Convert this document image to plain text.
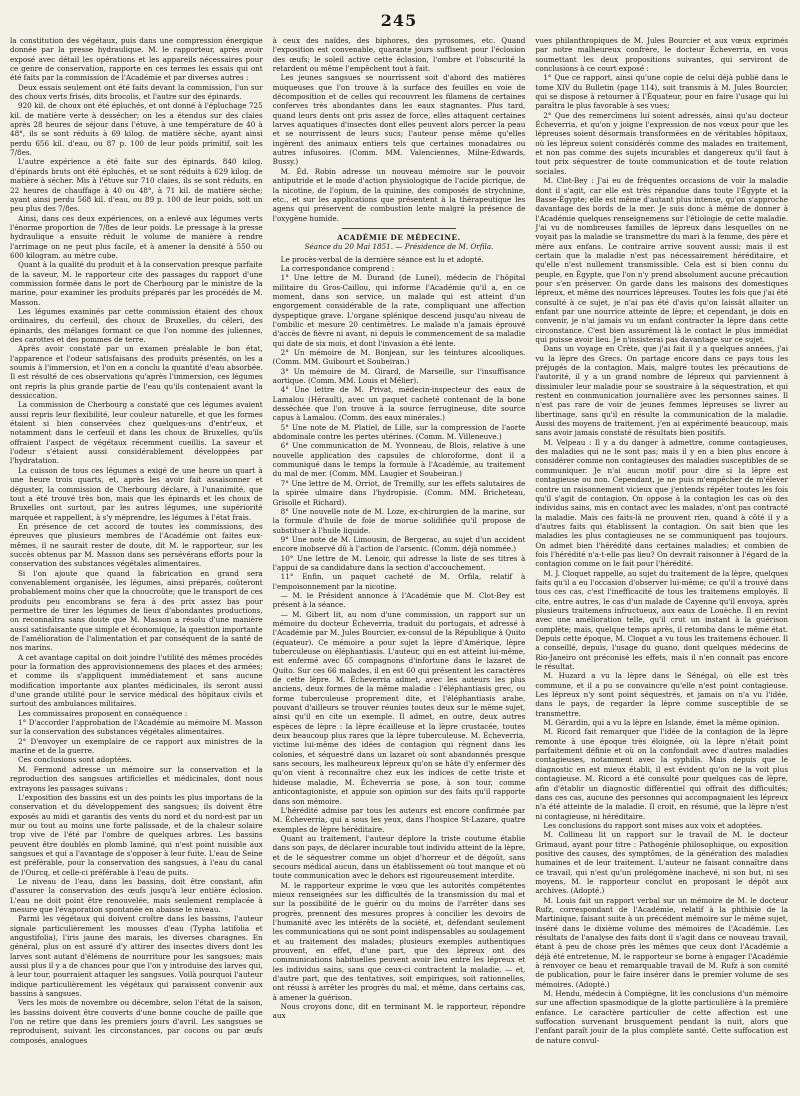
245

la constitution des végétaux, puis dans une compression énergique donnée par la presse hydraulique. M. le rapporteur, après avoir exposé avec détail les opérations et les appareils nécessaires pour ce genre de conservation, rapporte en ces termes les essais qui ont été faits par la commission de l'Académie et par diverses autres :

Deux essais seulement ont été faits devant la commission, l'un sur des choux verts frisés, dits brocolis, et l'autre sur des épinards.

920 kil. de choux ont été épluchés, et ont donné à l'épluchage 725 kil. de matière verte à dessécher; on les a étendus sur des claies après 28 heures de séjour dans l'étuve, à une température de 40 à 48°, ils se sont réduits à 69 kilog. de matière sèche, ayant ainsi perdu 656 kil. d'eau, ou 87 p. 100 de leur poids primitif, soit les 7/8es.

L'autre expérience a été faite sur des épinards. 840 kilog. d'épinards bruts ont été épluchés, et se sont réduits à 629 kilog. de matière à sécher. Mis à l'étuve sur 710 claies, ils se sont réduits, en 22 heures de chauffage à 40 ou 48°, à 71 kil. de matière sèche; ayant ainsi perdu 568 kil. d'eau, ou 89 p. 100 de leur poids, soit un peu plus des 7/8es.

Ainsi, dans ces deux expériences, on a enlevé aux légumes verts l'énorme proportion de 7/8es de leur poids. Le pressage à la presse hydraulique a ensuite réduit le volume de manière à rendre l'arrimage on ne peut plus facile, et à amener la densité à 550 ou 600 kilogram. au mètre cube.

Quant à la qualité du produit et à la conservation presque parfaite de la saveur, M. le rapporteur cite des passages du rapport d'une commission formée dans le port de Cherbourg par le ministre de la marine, pour examiner les produits préparés par les procédés de M. Masson.

Les légumes examinés par cette commission étaient des choux ordinaires, du cerfeuil, des choux de Bruxelles, du céleri, des épinards, des mélanges formant ce que l'on nomme des juliennes, des carottes et des pommes de terre.

Après avoir constaté par un examen préalable le bon état, l'apparence et l'odeur satisfaisans des produits présentés, on les a soumis à l'immersion, et l'on en a conclu la quantité d'eau absorbée. Il est résulté de ces observations qu'après l'immersion, ces légumes ont repris la plus grande partie de l'eau qu'ils contenaient avant la dessiccation.

La commission de Cherbourg a constaté que ces légumes avaient aussi repris leur flexibilité, leur couleur naturelle, et que les formes étaient si bien conservées chez quelques-uns d'entr'eux, et notamment dans le cerfeuil et dans les choux de Bruxelles, qu'ils offraient l'aspect de végétaux récemment cueillis. La saveur et l'odeur s'étaient aussi considérablement développées par l'hydratation.

La cuisson de tous ces légumes a exigé de une heure un quart à une heure trois quarts, et, après les avoir fait assaisonner et déguster, la commission de Cherbourg déclare, à l'unanimité, que tout a été trouvé très bon, mais que les épinards et les choux de Bruxelles ont surtout, par les autres légumes, une supériorité marquée et rappellent, à s'y méprendre, les légumes à l'état frais.

En présence de cet accord de toutes les commissions, des épreuves que plusieurs membres de l'Académie ont faites eux-mêmes, il ne saurait rester de doute, dit M. le rapporteur, sur les succès obtenus par M. Masson dans ses persévérans efforts pour la conservation des substances végétales alimentaires.

Si l'on ajoute que quand la fabrication en grand sera convenablement organisée, les légumes, ainsi préparés, coûteront probablement moins cher que la choucroûte; que le transport de ces produits peu encombrans se fera à des prix assez bas pour permettre de tirer les légumes de lieux d'abondantes productions, on reconnaîtra sans doute que M. Masson a résolu d'une manière aussi satisfaisante que simple et économique, la question importante de l'amélioration de l'alimentation et par conséquent de la santé de nos marins.

A cet avantage capital on doit joindre l'utilité des mêmes procédés pour la formation des approvisionnemens des places et des armées; et comme ils s'appliquent immédiatement et sans aucune modification importante aux plantes médicinales, ils seront aussi d'une grande utilité pour le service médical des hôpitaux civils et surtout des ambulances militaires.

Les commissaires proposent en conséquence :

1° D'accorder l'approbation de l'Académie au mémoire M. Masson sur la conservation des substances végétales alimentaires.

2° D'envoyer un exemplaire de ce rapport aux ministres de la marine et de la guerre.

Ces conclusions sont adoptées.

M. Fermond adresse un mémoire sur la conservation et la reproduction des sangsues artificielles et médicinales, dont nous extrayons les passages suivans :

L'exposition des bassins est un des points les plus importans de la conservation et du développement des sangsues; ils doivent être exposés au midi et garantis des vents du nord et du nord-est par un mur ou tout au moins une forte palissade, et de la chaleur solaire trop vive de l'été par l'ombre de quelques arbres. Les bassins peuvent être doublés en plomb laminé, qui n'est point nuisible aux sangsues et qui a l'avantage de s'opposer à leur fuite. L'eau de Seine est préférable, pour la conservation des sangsues, à l'eau du canal de l'Ourcq, et celle-ci préférable à l'eau de puits.

Le niveau de l'eau, dans les bassins, doit être constant, afin d'assurer la conservation des œufs jusqu'à leur entière éclosion. L'eau ne doit point être renouvelée, mais seulement remplacée à mesure que l'évaporation spontanée en abaisse le niveau.

Parmi les végétaux qui doivent croître dans les bassins, l'auteur signale particulièrement les mousses d'eau (Typha latifolia et angustifolia), l'iris jaune des marais, les diverses charagnes. En général, plus on est assuré d'y attirer des insectes divers dont les larves sont autant d'élémens de nourriture pour les sangsues; mais aussi plus il y a de chances pour que l'on y introduise des larves qui, à leur tour, pourraient attaquer les sangsues. Voilà pourquoi l'auteur indique particulièrement les végétaux qui paraissent convenir aux bassins à sangsues.

Vers les mois de novembre ou décembre, selon l'état de la saison, les bassins doivent être couverts d'une bonne couche de paille que l'on ne retire que dans les premiers jours d'avril. Les sangsues se reproduisent, suivant les circonstances, par cocons ou par œufs composés, analogues

à ceux des naïdes, des biphores, des pyrosomes, etc. Quand l'exposition est convenable, quarante jours suffisent pour l'éclosion des œufs; le soleil active cette éclosion, l'ombre et l'obscurité la retardent ou même l'empêchent tout à fait.

Les jeunes sangsues se nourrissent soit d'abord des matières muqueuses que l'on trouve à la surface des feuilles en voie de décomposition et de celles qui recouvrent les filamens de certaines conferves très abondantes dans les eaux stagnantes. Plus tard, quand leurs dents ont pris assez de force, elles attaquent certaines larves aquatiques d'insectes dont elles peuvent alors percer la peau et se nourrissent de leurs sucs; l'auteur pense même qu'elles ingèrent des animaux entiers tels que certaines monadaires ou autres infusoires. (Comm. MM. Valenciennes, Milne-Edwards, Bussy.)

M. Éd. Robin adresse un nouveau mémoire sur le pouvoir antiputride et le mode d'action physiologique de l'acide picrique, de la nicotine, de l'opium, de la quinine, des composés de strychnine, etc., et sur les applications que présentent à la thérapeutique les agens qui préservent de combustion lente malgré la présence de l'oxygène humide.

ACADÉMIE DE MÉDECINE.

Séance du 20 Mai 1851. — Présidence de M. Orfila.

Le procès-verbal de la dernière séance est lu et adopté.

La correspondance comprend :

1° Une lettre de M. Durand (de Lunel), médecin de l'hôpital militaire du Gros-Caillou, qui informe l'Académie qu'il a, en ce moment, dans son service, un malade qui est atteint d'un engorgement considérable de la rate, compliquant une affection dyspeptique grave. L'organe splénique descend jusqu'au niveau de l'ombilic et mesure 20 centimètres. Le malade n'a jamais éprouvé d'accès de fièvre ni avant, ni depuis le commencement de sa maladie qui date de six mois, et dont l'invasion a été lente.

2° Un mémoire de M. Bonjean, sur les teintures alcooliques. (Comm. MM. Guibourt et Soubeiran.)

3° Un mémoire de M. Girard, de Marseille, sur l'insuffisance aortique. (Comm. MM. Louis et Mélier).

4° Une lettre de M. Privat, médecin-inspecteur des eaux de Lamalou (Hérault), avec un paquet cacheté contenant de la bone desséchée que l'on trouve à la source ferrugineuse, dite source capus à Lamalou. (Comm. des eaux minérales.)

5° Une note de M. Platiel, de Lille, sur la compression de l'aorte abdominale contre les pertes utérines. (Comm. M. Villeneuve.)

6° Une communication de M. Yvonneau, de Blois, relative à une nouvelle application des capsules de chloroforme, dont il a communiqué dans le temps la formule à l'Académie, au traitement du mal de mer. (Comm. MM. Laugier et Soubeiran.)

7° Une lettre de M. Orriot, de Tremilly, sur les effets salutaires de la spirée ulmaire dans l'hydropisie. (Comm. MM. Bricheteau, Grisolle et Richard).

8° Une nouvelle note de M. Loze, ex-chirurgien de la marine, sur la formule d'huile de foie de morue solidifiée qu'il propose de substituer à l'huile liquide.

9° Une note de M. Limousin, de Bergerac, au sujet d'un accident encore inobservé dû à l'action de l'arsenic. (Comm. déjà nommée.)

10° Une lettre de M. Lenoir, qui adresse la liste de ses titres à l'appui de sa candidature dans la section d'accouchement.

11° Enfin, un paquet cacheté de M. Orfila, relatif à l'empoisonnement par la nicotine.

— M. le Président annonce à l'Académie que M. Clot-Bey est présent à la séance.

— M. Gibert lit, au nom d'une commission, un rapport sur un mémoire du docteur Écheverria, traduit du portugais, et adressé à l'Académie par M. Jules Bourcier, ex-consul de la République à Quito (équateur). Ce mémoire a pour sujet la lèpre d'Amérique, lèpre tuberculeuse ou éléphantiasis. L'auteur, qui en est atteint lui-même, est enfermé avec 65 compagnons d'infortune dans le lazaret de Quito. Sur ces 66 malades, il en est 60 qui présentent les caractères de cette lèpre. M. Écheverria admet, avec les auteurs les plus anciens, deux formes de la même maladie : l'éléphantiasis grec, ou forme tuberculeuse proprement dite, et l'éléphantiasis arabe, pouvant d'ailleurs se trouver réunies toutes deux sur le même sujet, ainsi qu'il en cite un exemple. Il admet, en outre, deux autres espèces de lèpre : la lèpre écailleuse et la lèpre crustacée, toutes deux beaucoup plus rares que la lèpre tuberculeuse. M. Écheverria, victime lui-même des idées de contagion qui règnent dans les colonies, et séquestré dans un lazaret où sont abandonnés presque sans secours, les malheureux lépreux qu'on se hâte d'y enfermer dès qu'on vient à reconnaître chez eux les indices de cette triste et hideuse maladie, M. Écheverria se pose, à son tour, comme anticontagioniste, et appuie son opinion sur des faits qu'il rapporte dans son mémoire.

L'hérédité admise par tous les auteurs est encore confirmée par M. Écheverria, qui a sous les yeux, dans l'hospice St-Lazare, quatre exemples de lèpre héréditaire.

Quant au traitement, l'auteur déplore la triste coutume établie dans son pays, de déclarer incurable tout individu atteint de la lèpre, et de le séquestrer comme un objet d'horreur et de dégoût, sans secours médical aucun, dans un établissement où tout manque et où toute communication avec le dehors est rigoureusement interdite.

M. le rapporteur exprime le vœu que les autorités compétentes mieux renseignées sur les difficultés de la transmission du mal et sur la possibilité de le guérir ou du moins de l'arrêter dans ses progrès, prennent des mesures propres à concilier les devoirs de l'humanité avec les intérêts de la société, et, défendant seulement les communications qui ne sont point indispensables au soulagement et au traitement des malades; plusieurs exemples authentiques prouvent, en effet, d'une part, que des lépreux ont des communications habituelles peuvent avoir lieu entre les lépreux et les individus sains, sans que ceux-ci contractent la maladie, — et, d'autre part, que des tentatives, soit empiriques, soit rationnelles, ont réussi à arrêter les progrès du mal, et même, dans certains cas, à amener la guérison.

Nous croyons donc, dit en terminant M. le rapporteur, répondre aux

vues philanthropiques de M. Jules Bourcier et aux vœux exprimés par notre malheureux confrère, le docteur Écheverria, en vous soumettant les deux propositions suivantes, qui serviront de conclusions à ce court exposé :

1° Que ce rapport, ainsi qu'une copie de celui déjà publié dans le tome XIV du Bulletin (page 114), soit transmis à M. Jules Bourcier, qui se dispose à retourner à l'Équateur, pour en faire l'usage qui lui paraîtra le plus favorable à ses vues;

2° Que des remercîmens lui soient adressés, ainsi qu'au docteur Écheverria, et qu'on y joigne l'expression de nos vœux pour que les lépreuses soient désormais transformées en de véritables hôpitaux, où les lépreux soient considérés comme des malades en traitement, et non pas comme des sujets incurables et dangereux qu'il faut à tout prix séquestrer de toute communication et de toute relation sociales.

M. Clot-Bey : J'ai eu de fréquentes occasions de voir la maladie dont il s'agit, car elle est très répandue dans toute l'Égypte et la Basse-Égypte; elle est même d'autant plus intense, qu'on s'approche davantage des bords de la mer. Je suis donc à même de donner à l'Académie quelques renseignemens sur l'étiologie de cette maladie. J'ai vu de nombreuses familles de lépreux dans lesquelles on ne voyait pas la maladie se transmettre du mari à la femme, des père et mère aux enfans. Le contraire arrive souvent aussi; mais il est certain que la maladie n'est pas nécessairement héréditaire, et qu'elle n'est nullement transmissible. Cela est si bien connu du peuple, en Égypte, que l'on n'y prend absolument aucune précaution pour s'en préserver. On garde dans les maisons des domestiques lépreux, et même des nourrices lépreuses. Toutes les fois que j'ai été consulté à ce sujet, je n'ai pas été d'avis qu'on laissât allaiter un enfant par une nourrice atteinte de lèpre; et cependant, je dois en convenir, je n'ai jamais vu un enfant contracter la lèpre dans cette circonstance. C'est bien assurément là le contact le plus immédiat qui puisse avoir lieu. Je n'insisterai pas davantage sur ce sujet.

Dans un voyage en Crète, que j'ai fait il y a quelques années, j'ai vu la lèpre des Grecs. On partage encore dans ce pays tous les préjugés de la contagion. Mais, malgré toutes les précautions de l'autorité, il y a un grand nombre de lépreux qui parviennent à dissimuler leur maladie pour se soustraire à la séquestration, et qui restent en communication journalière avec les personnes saines. Il n'est pas rare de voir de jeunes femmes lépreuses se livrer au libertinage, sans qu'il en résulte la communication de la maladie. Aussi des moyens de traitement, j'en ai expérimenté beaucoup, mais sans avoir jamais constaté de résultats bien positifs.

M. Velpeau : Il y a du danger à admettre, comme contagieuses, des maladies qui ne le sont pas; mais il y en a bien plus encore à considérer comme non contagieuses des maladies susceptibles de se communiquer. Je n'ai aucun motif pour dire si la lèpre est contagieuse ou non. Cependant, je ne puis m'empêcher de m'élever contre un raisonnement vicieux que j'entends répéter toutes les fois qu'il s'agit de contagion. On oppose à la contagion les cas où des individus sains, mis en contact avec les malades, n'ont pas contracté la maladie. Mais ces faits-là ne prouvent rien, quand à côté il y a d'autres faits qui établissent la contagion. On sait bien que les maladies les plus contagieuses ne se communiquent pas toujours. On admet bien l'hérédité dans certaines maladies; et combien de fois l'hérédité n'a-t-elle pas lieu? On devrait raisonner à l'égard de la contagion comme on le fait pour l'hérédité.

M. J. Cloquet rappelle, au sujet du traitement de la lèpre, quelques faits qu'il a eu l'occasion d'observer lui-même; ce qu'il a trouvé dans tous ces cas, c'est l'inefficacité de tous les traitemens employés. Il cite, entre autres, le cas d'un malade de Cayenne qu'il envoya, après plusieurs traitemens infructueux, aux eaux de Louèche. Il en revint avec une amélioration telle, qu'il crut un instant à la guérison complète; mais, quelque temps après, il retomba dans le même état. Depuis cette époque, M. Cloquet a vu tous les traitemens échouer. Il a conseillé, depuis, l'usage du guano, dont quelques médecins de Rio-Janeiro ont préconisé les effets, mais il n'en connaît pas encore le résultat.

M. Huzard a vu la lèpre dans le Sénégal, où elle est très commune, et il a pu se convaincre qu'elle n'est point contagieuse. Les lépreux n'y sont point séquestrés, et jamais on n'a vu l'idée, dans le pays, de regarder la lèpre comme susceptible de se transmettre.

M. Gérardin, qui a vu la lèpre en Islande, émet la même opinion.

M. Ricord fait remarquer que l'idée de la contagion de la lèpre remonte à une époque très éloignée, où la lèpre n'était point parfaitement définie et où on la confondait avec d'autres maladies contagieuses, notamment avec la syphilis. Mais depuis que le diagnostic en est mieux établi, il est évident qu'on ne la voit plus contagieuse. M. Ricord a été consulté pour quelques cas de lèpre, afin d'établir un diagnostic différentiel qui offrait des difficultés; dans ces cas, aucune des personnes qui accompagnaient les lépreux n'a été atteinte de la maladie. Il croit, en résumé, que la lèpre n'est ni contagieuse, ni héréditaire.

Les conclusions du rapport sont mises aux voix et adoptées.

M. Collineau lit un rapport sur le travail de M. le docteur Grimaud, ayant pour titre : Pathogénie philosophique, ou exposition positive des causes, des symptômes, de la génération des maladies humaines et de leur traitement. L'auteur ne faisant connaître dans ce travail, qui n'est qu'un prolégomène inachevé, ni son but, ni ses moyens, M. le rapporteur conclut en proposant le dépôt aux archives. (Adopté.)

M. Louis fait un rapport verbal sur un mémoire de M. le docteur Rufz, correspondant de l'Académie, relatif à la phthisie de la Martinique, faisant suite à un précédent mémoire sur le même sujet, inséré dans le dixième volume des mémoires de l'Académie. Les résultats de l'analyse des faits dont il s'agit dans ce nouveau travail, étant à peu de chose près les mêmes que ceux dont l'Académie a déjà été entretenue, M. le rapporteur se borne à engager l'Académie à renvoyer ce beau et remarquable travail de M. Rufz à son comité de publication, pour le faire insérer dans le premier volume de ses mémoires. (Adopté.)

M. Hendu, médecin à Compiègne, lit les conclusions d'un mémoire sur une affection spasmodique de la glotte particulière à la première enfance. Le caractère particulier de cette affection est une suffocation survenant brusquement pendant la nuit, alors que l'enfant paraît jouir de la plus complète santé. Cette suffocation est de nature convul-
